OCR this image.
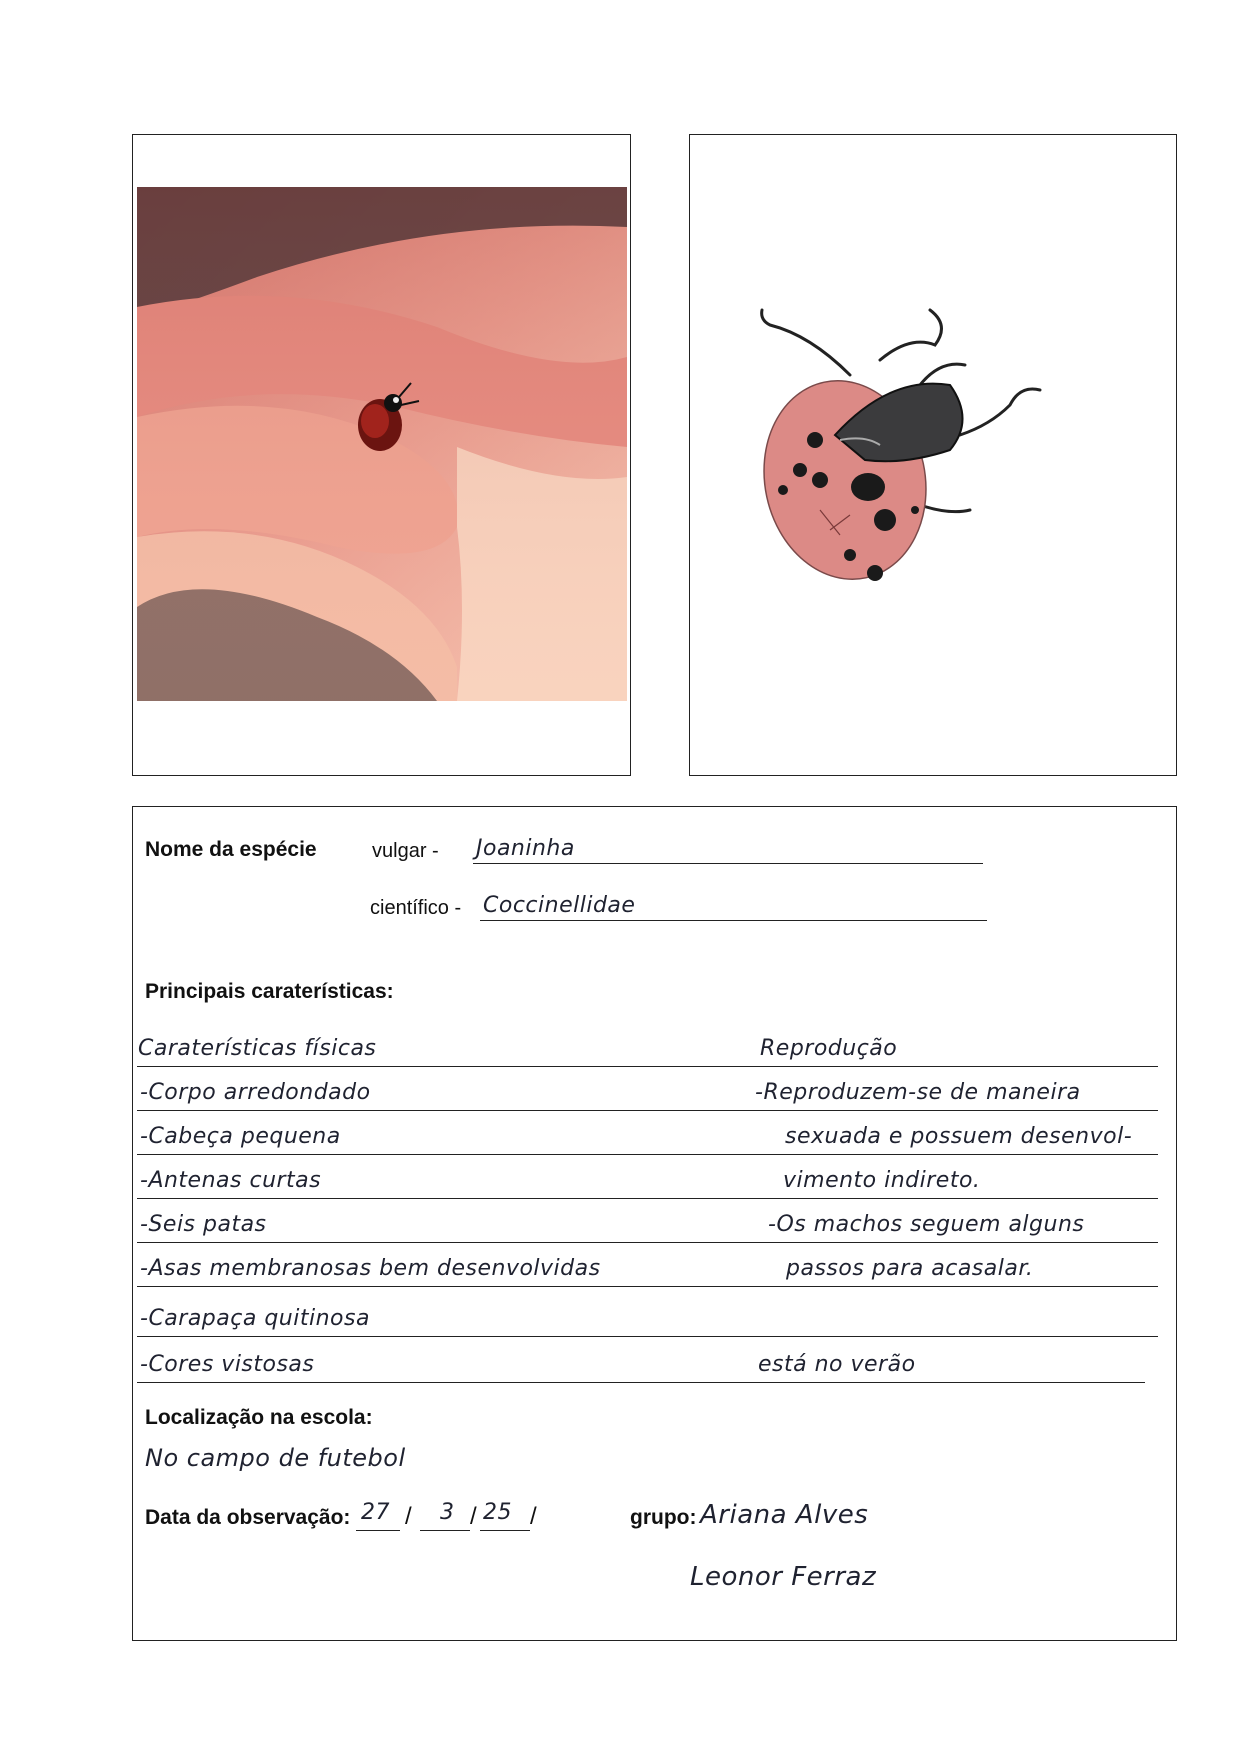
Nome da espécie	vulgar - Joaninha
científico - Coccinellidae
Principais caraterísticas:
Caraterísticas físicas
-Corpo arredondado
-Cabeça pequena
-Antenas curtas
-Seis patas
-Asas membranosas bem desenvolvidas
-Carapaça quitinosa
-Cores vistosas
Reprodução
-Reproduzem-se de maneira
sexuada e possuem desenvol-
vimento indireto.
-Os machos seguem alguns
passos para acasalar.
está no verão
Localização na escola:
No campo de futebol
Data da observação: 27 / 3 / 25 /	grupo: Ariana Alves
Leonor Ferraz
